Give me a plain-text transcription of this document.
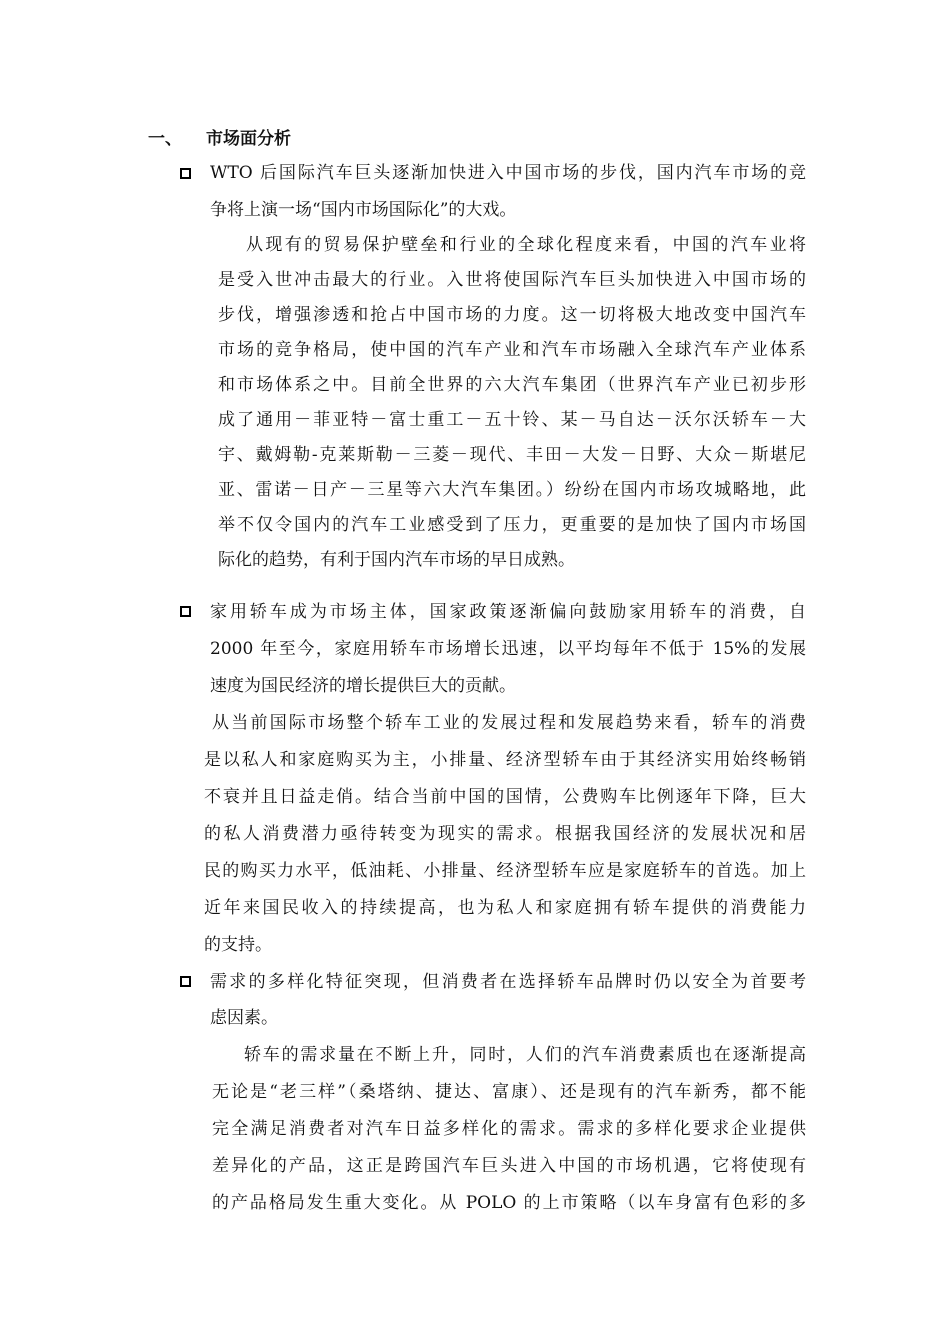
一、 市场面分析
WTO 后国际汽车巨头逐渐加快进入中国市场的步伐，国内汽车市场的竞
争将上演一场“国内市场国际化”的大戏。
从现有的贸易保护壁垒和行业的全球化程度来看，中国的汽车业将
是受入世冲击最大的行业。入世将使国际汽车巨头加快进入中国市场的
步伐，增强渗透和抢占中国市场的力度。这一切将极大地改变中国汽车
市场的竞争格局，使中国的汽车产业和汽车市场融入全球汽车产业体系
和市场体系之中。目前全世界的六大汽车集团（世界汽车产业已初步形
成了通用－菲亚特－富士重工－五十铃、某－马自达－沃尔沃轿车－大
宇、戴姆勒-克莱斯勒－三菱－现代、丰田－大发－日野、大众－斯堪尼
亚、雷诺－日产－三星等六大汽车集团。）纷纷在国内市场攻城略地，此
举不仅令国内的汽车工业感受到了压力，更重要的是加快了国内市场国
际化的趋势，有利于国内汽车市场的早日成熟。
家用轿车成为市场主体，国家政策逐渐偏向鼓励家用轿车的消费，自
2000 年至今，家庭用轿车市场增长迅速，以平均每年不低于 15%的发展
速度为国民经济的增长提供巨大的贡献。
从当前国际市场整个轿车工业的发展过程和发展趋势来看，轿车的消费
是以私人和家庭购买为主，小排量、经济型轿车由于其经济实用始终畅销
不衰并且日益走俏。结合当前中国的国情，公费购车比例逐年下降，巨大
的私人消费潜力亟待转变为现实的需求。根据我国经济的发展状况和居
民的购买力水平，低油耗、小排量、经济型轿车应是家庭轿车的首选。加上
近年来国民收入的持续提高，也为私人和家庭拥有轿车提供的消费能力
的支持。
需求的多样化特征突现，但消费者在选择轿车品牌时仍以安全为首要考
虑因素。
轿车的需求量在不断上升，同时，人们的汽车消费素质也在逐渐提高
无论是“老三样”（桑塔纳、捷达、富康）、还是现有的汽车新秀，都不能
完全满足消费者对汽车日益多样化的需求。需求的多样化要求企业提供
差异化的产品，这正是跨国汽车巨头进入中国的市场机遇，它将使现有
的产品格局发生重大变化。从 POLO 的上市策略（以车身富有色彩的多
